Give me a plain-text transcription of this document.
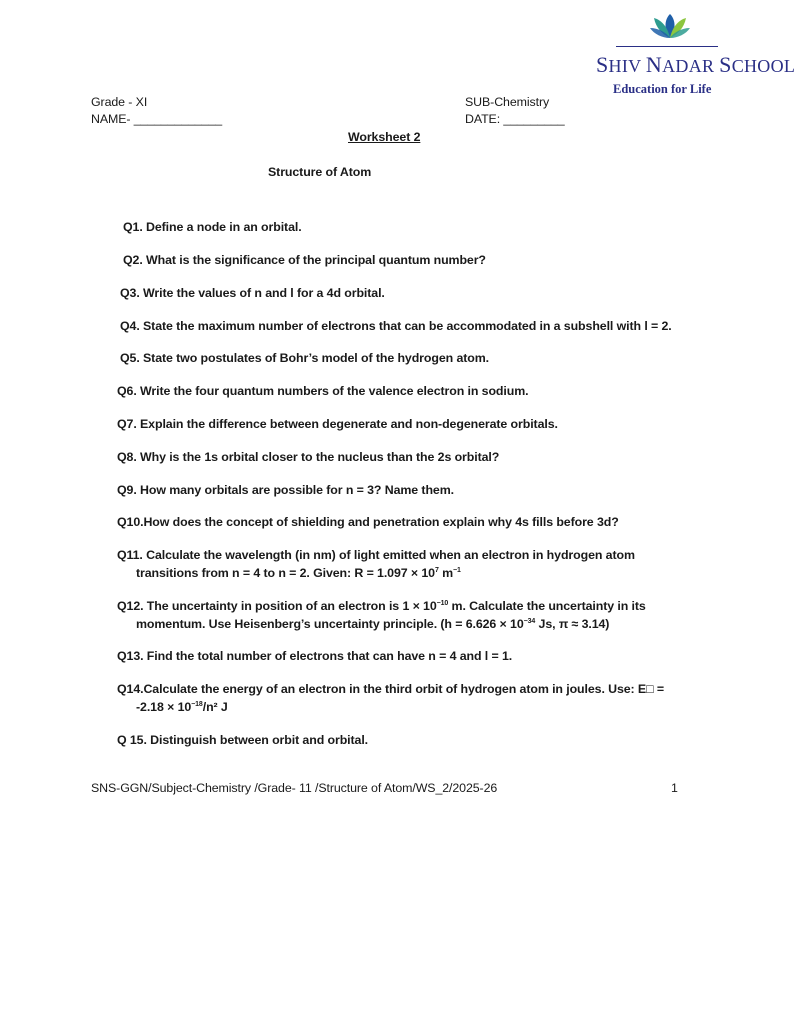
SHIV NADAR SCHOOL
Education for Life
Grade - XI
NAME- _____________
SUB-Chemistry
DATE: _________
Worksheet 2
Structure of Atom
Q1. Define a node in an orbital.
Q2. What is the significance of the principal quantum number?
Q3. Write the values of n and l for a 4d orbital.
Q4. State the maximum number of electrons that can be accommodated in a subshell with l = 2.
Q5. State two postulates of Bohr’s model of the hydrogen atom.
Q6. Write the four quantum numbers of the valence electron in sodium.
Q7. Explain the difference between degenerate and non-degenerate orbitals.
Q8. Why is the 1s orbital closer to the nucleus than the 2s orbital?
Q9. How many orbitals are possible for n = 3? Name them.
Q10.How does the concept of shielding and penetration explain why 4s fills before 3d?
Q11. Calculate the wavelength (in nm) of light emitted when an electron in hydrogen atom
transitions from n = 4 to n = 2. Given: $R = 1.097 \times 10^7$ $m^{-1}$
Q12. The uncertainty in position of an electron is $1 \times 10^{-10}$ m. Calculate the uncertainty in its
momentum. Use Heisenberg’s uncertainty principle. ($h = 6.626 \times 10^{-34}$ Js, π ≈ 3.14)
Q13. Find the total number of electrons that can have n = 4 and l = 1.
Q14.Calculate the energy of an electron in the third orbit of hydrogen atom in joules. Use: E□ =
$-2.18 \times 10^{-18}/n^2$ J
Q 15. Distinguish between orbit and orbital.
SNS-GGN/Subject-Chemistry /Grade- 11 /Structure of Atom/WS_2/2025-26	1
